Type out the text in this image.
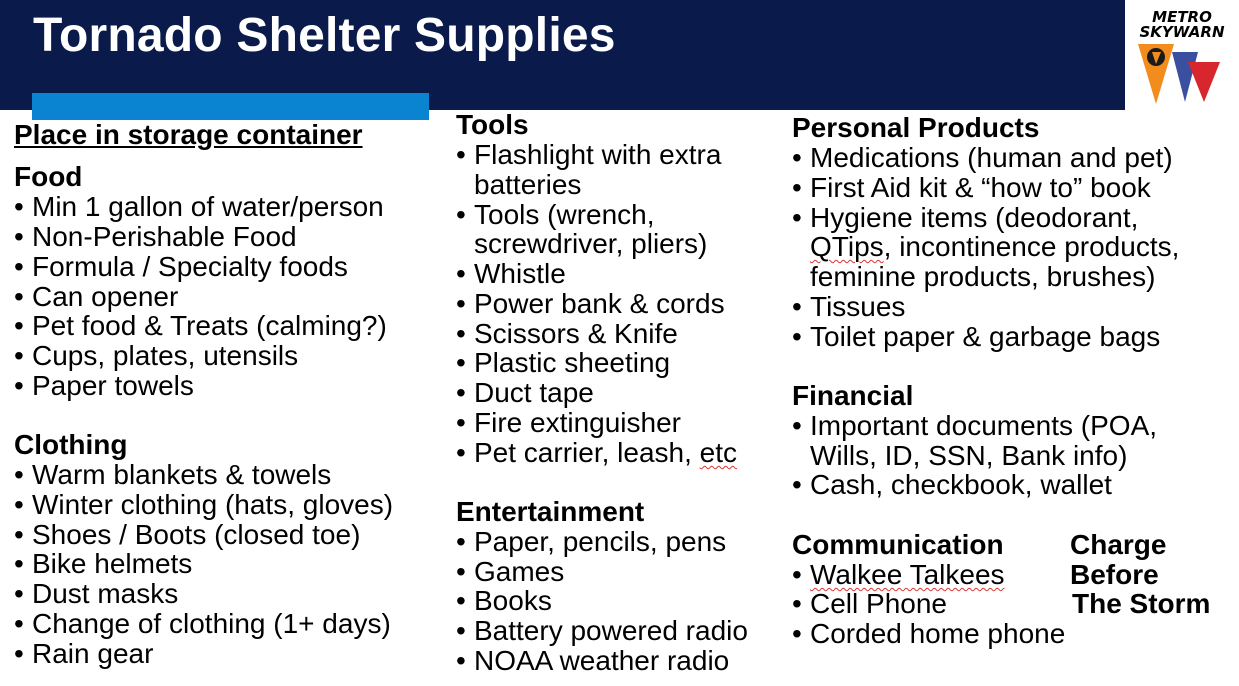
Tornado Shelter Supplies	METRO
SKYWARN
Place in storage container
Food
• Min 1 gallon of water/person
• Non-Perishable Food
• Formula / Specialty foods
• Can opener
• Pet food & Treats (calming?)
• Cups, plates, utensils
• Paper towels
Clothing
• Warm blankets & towels
• Winter clothing (hats, gloves)
• Shoes / Boots (closed toe)
• Bike helmets
• Dust masks
• Change of clothing (1+ days)
• Rain gear
Tools
• Flashlight with extra
batteries
• Tools (wrench,
screwdriver, pliers)
• Whistle
• Power bank & cords
• Scissors & Knife
• Plastic sheeting
• Duct tape
• Fire extinguisher
• Pet carrier, leash, etc
Entertainment
• Paper, pencils, pens
• Games
• Books
• Battery powered radio
• NOAA weather radio
Personal Products
• Medications (human and pet)
• First Aid kit & “how to” book
• Hygiene items (deodorant,
QTips, incontinence products,
feminine products, brushes)
• Tissues
• Toilet paper & garbage bags
Financial
• Important documents (POA,
Wills, ID, SSN, Bank info)
• Cash, checkbook, wallet
Communication
• Walkee Talkees
• Cell Phone
• Corded home phone
Charge
Before
The Storm
